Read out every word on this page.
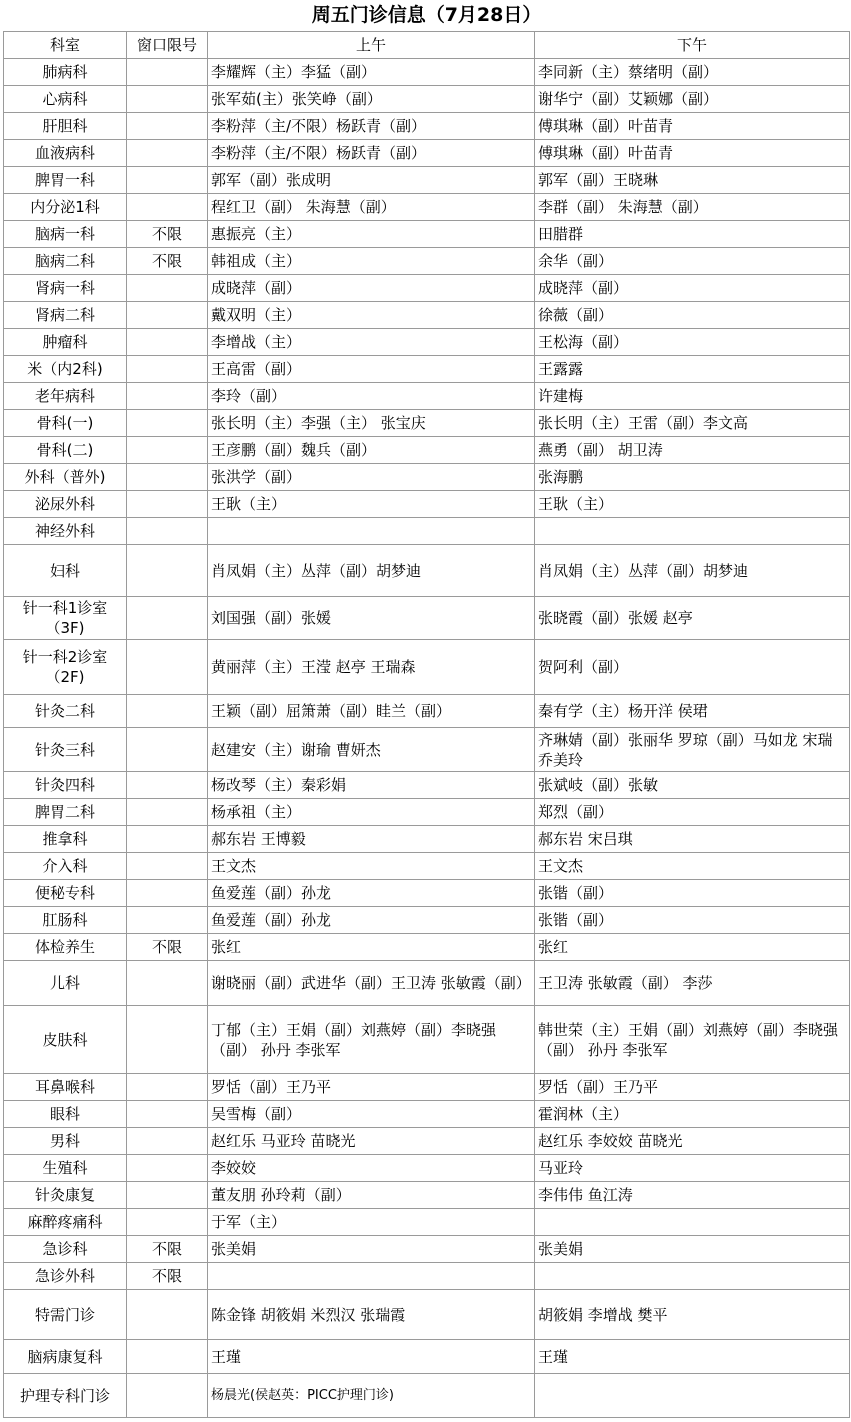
周五门诊信息（7月28日）			
科室	窗口限号	上午	下午
肺病科		李耀辉（主）李猛（副）	李同新（主）蔡绪明（副）
心病科		张军茹(主）张笑峥（副）	谢华宁（副）艾颖娜（副）
肝胆科		李粉萍（主/不限）杨跃青（副）	傅琪琳（副）叶苗青
血液病科		李粉萍（主/不限）杨跃青（副）	傅琪琳（副）叶苗青
脾胃一科		郭军（副）张成明	郭军（副）王晓琳
内分泌1科		程红卫（副） 朱海慧（副）	李群（副） 朱海慧（副）
脑病一科	不限	惠振亮（主）	田腊群
脑病二科	不限	韩祖成（主）	余华（副）
肾病一科		成晓萍（副）	成晓萍（副）
肾病二科		戴双明（主）	徐薇（副）
肿瘤科		李增战（主）	王松海（副）
米（内2科)		王高雷（副）	王露露
老年病科		李玲（副）	许建梅
骨科(一)		张长明（主）李强（主） 张宝庆	张长明（主）王雷（副）李文高
骨科(二)		王彦鹏（副）魏兵（副）	燕勇（副） 胡卫涛
外科（普外)		张洪学（副）	张海鹏
泌尿外科		王耿（主）	王耿（主）
神经外科			
妇科		肖凤娟（主）丛萍（副）胡梦迪	肖凤娟（主）丛萍（副）胡梦迪
针一科1诊室（3F)		刘国强（副）张媛	张晓霞（副）张媛 赵亭
针一科2诊室（2F)		黄丽萍（主）王滢 赵亭 王瑞森	贺阿利（副）
针灸二科		王颖（副）屈箫萧（副）眭兰（副）	秦有学（主）杨开洋 侯珺
针灸三科		赵建安（主）谢瑜 曹妍杰	齐琳婧（副）张丽华 罗琼（副）马如龙 宋瑞 乔美玲
针灸四科		杨改琴（主）秦彩娟	张斌岐（副）张敏
脾胃二科		杨承祖（主）	郑烈（副）
推拿科		郝东岩 王博毅	郝东岩 宋吕琪
介入科		王文杰	王文杰
便秘专科		鱼爱莲（副）孙龙	张锴（副）
肛肠科		鱼爱莲（副）孙龙	张锴（副）
体检养生	不限	张红	张红
儿科		谢晓丽（副）武进华（副）王卫涛 张敏霞（副）	王卫涛 张敏霞（副） 李莎
皮肤科		丁郁（主）王娟（副）刘燕婷（副）李晓强（副） 孙丹 李张军	韩世荣（主）王娟（副）刘燕婷（副）李晓强（副） 孙丹 李张军
耳鼻喉科		罗恬（副）王乃平	罗恬（副）王乃平
眼科		吴雪梅（副）	霍润林（主）
男科		赵红乐 马亚玲 苗晓光	赵红乐 李姣姣 苗晓光
生殖科		李姣姣	马亚玲
针灸康复		董友朋 孙玲莉（副）	李伟伟 鱼江涛
麻醉疼痛科		于军（主）	
急诊科	不限	张美娟	张美娟
急诊外科	不限		
特需门诊		陈金锋 胡筱娟 米烈汉 张瑞霞	胡筱娟 李增战 樊平
脑病康复科		王瑾	王瑾
护理专科门诊		杨晨光(侯赵英：PICC护理门诊)	
